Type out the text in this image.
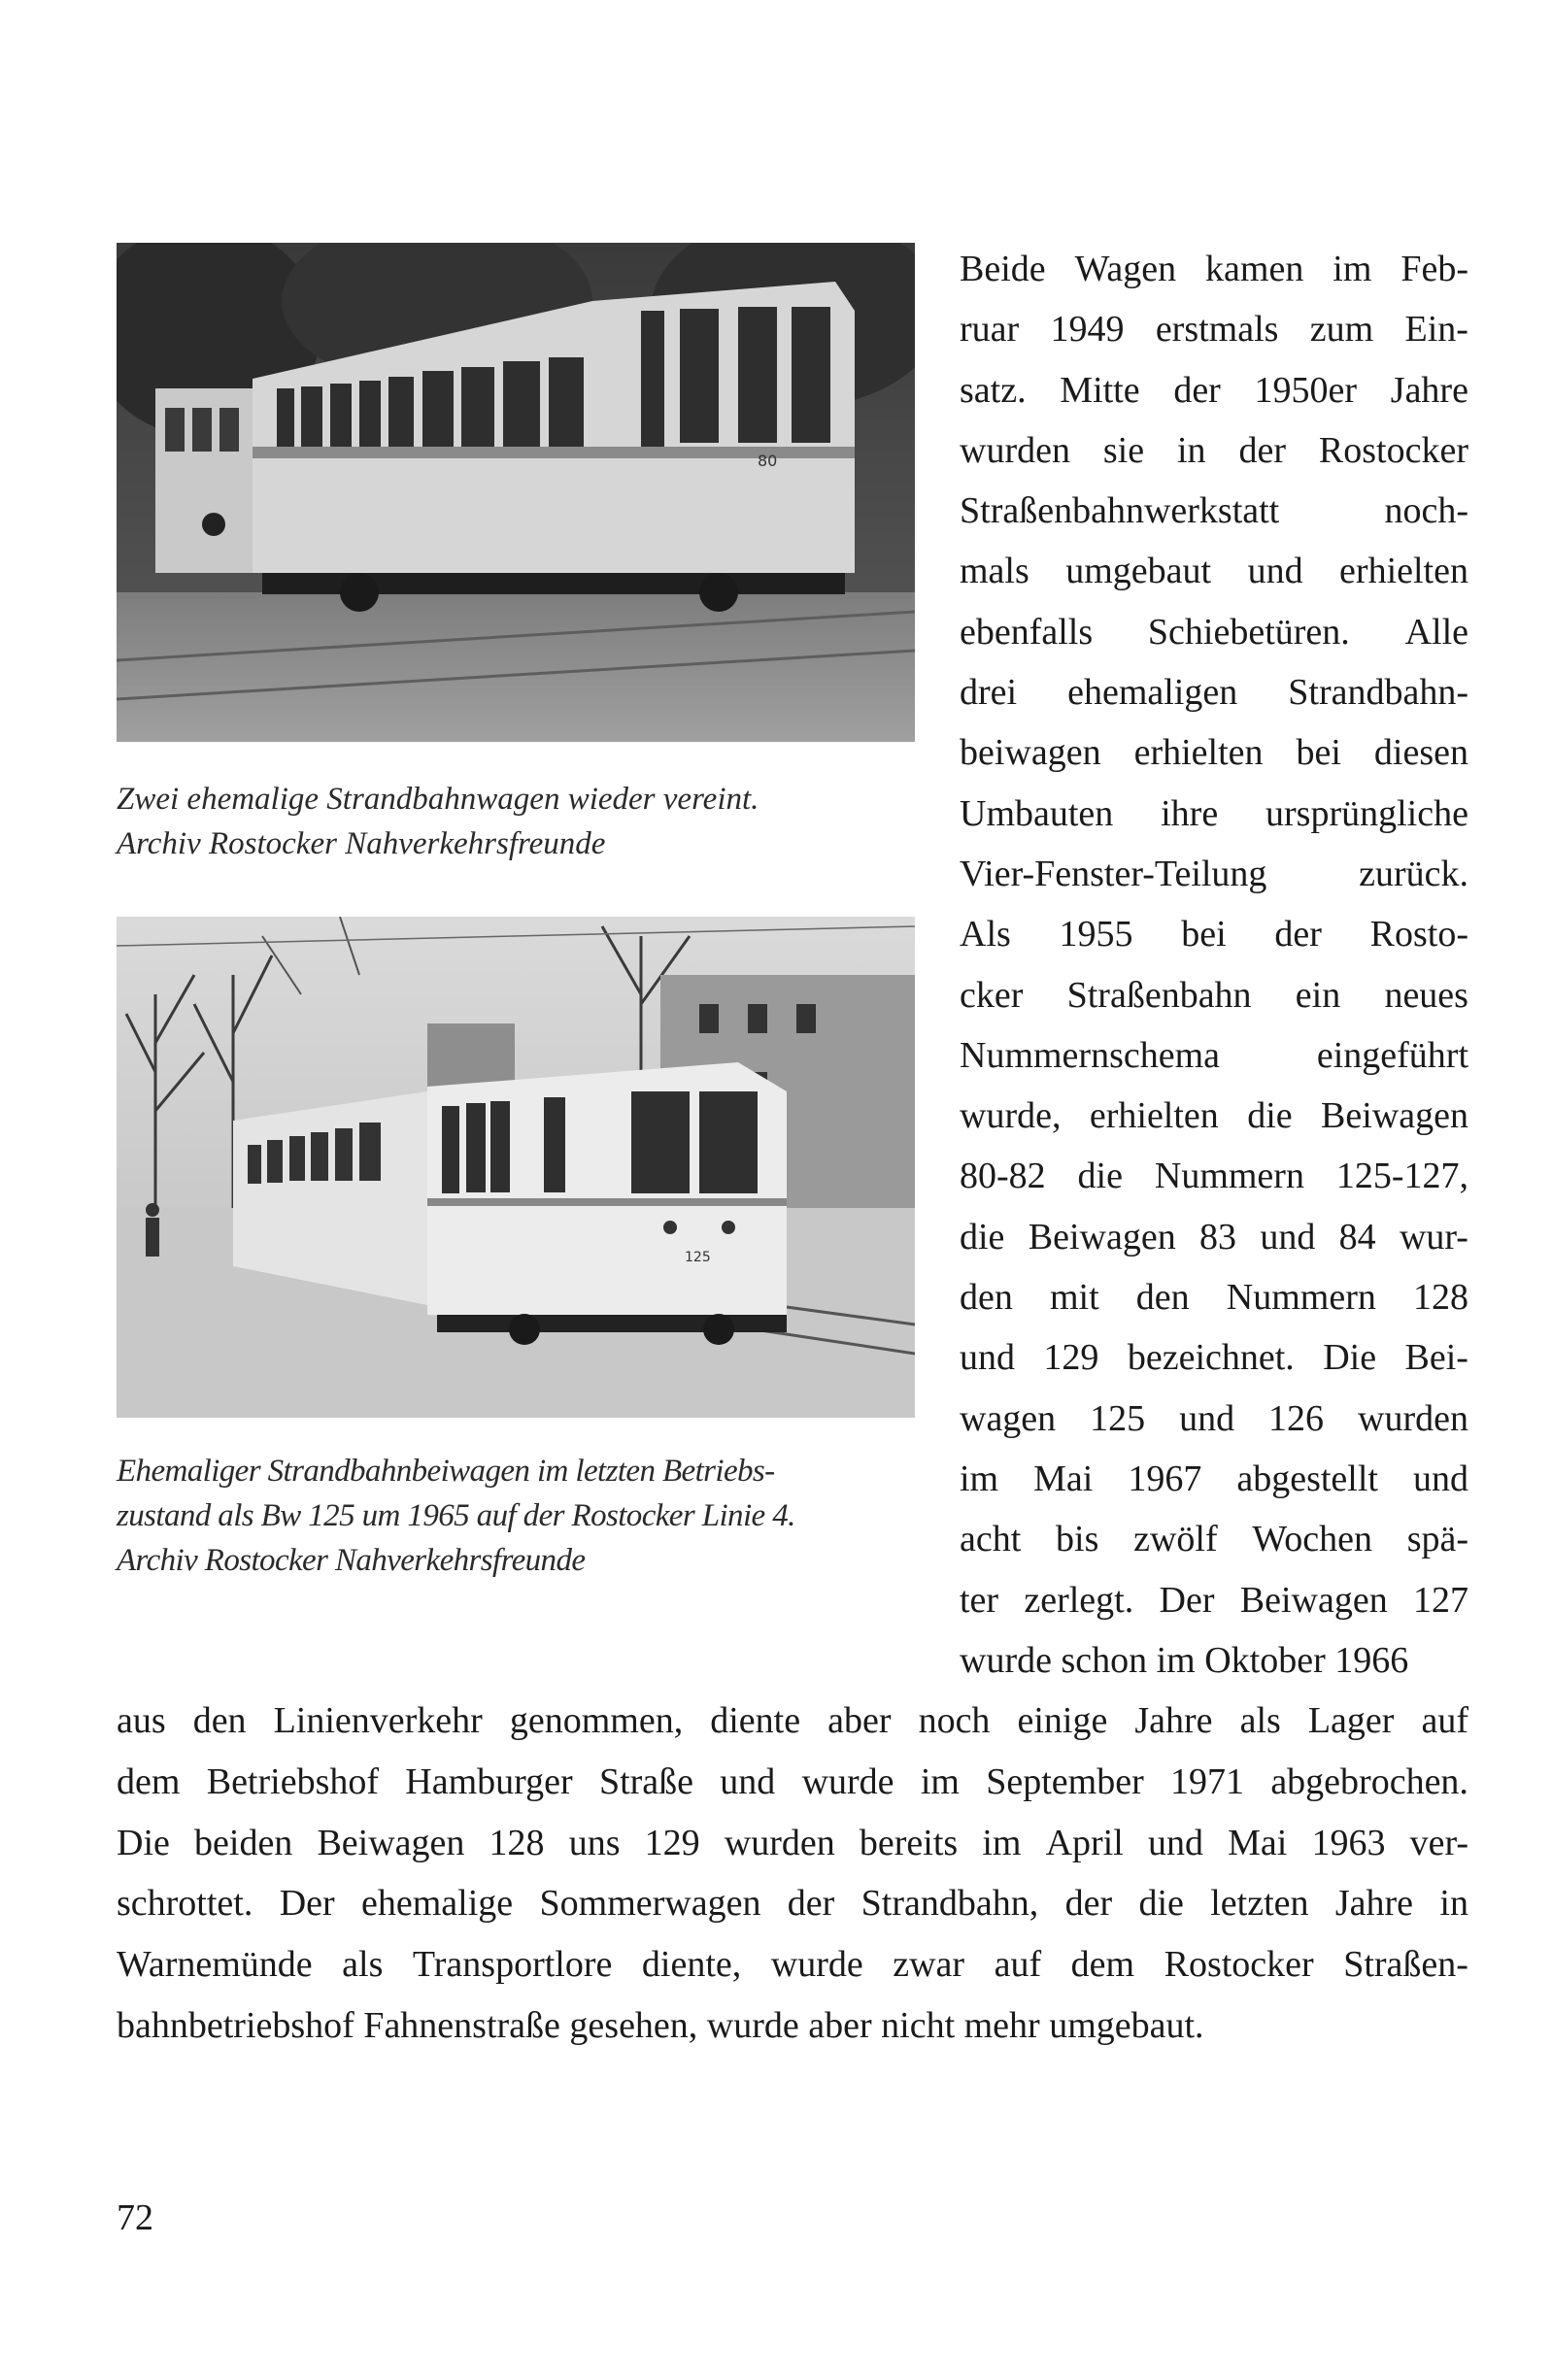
80
Zwei ehemalige Strandbahnwagen wieder vereint.
Archiv Rostocker Nahverkehrsfreunde
125
Ehemaliger Strandbahnbeiwagen im letzten Betriebs-
zustand als Bw 125 um 1965 auf der Rostocker Linie 4.
Archiv Rostocker Nahverkehrsfreunde
Beide Wagen kamen im Feb-
ruar 1949 erstmals zum Ein-
satz. Mitte der 1950er Jahre
wurden sie in der Rostocker
Straßenbahnwerkstatt	noch-
mals umgebaut und erhielten
ebenfalls Schiebetüren. Alle
drei ehemaligen Strandbahn-
beiwagen erhielten bei diesen
Umbauten ihre ursprüngliche
Vier-Fenster-Teilung zurück.
Als 1955 bei der Rosto-
cker Straßenbahn ein neues
Nummernschema	eingeführt
wurde, erhielten die Beiwagen
80-82 die Nummern 125-127,
die Beiwagen 83 und 84 wur-
den mit den Nummern 128
und 129 bezeichnet. Die Bei-
wagen 125 und 126 wurden
im Mai 1967 abgestellt und
acht bis zwölf Wochen spä-
ter zerlegt. Der Beiwagen 127
wurde schon im Oktober 1966
aus den Linienverkehr genommen, diente aber noch einige Jahre als Lager auf
dem Betriebshof Hamburger Straße und wurde im September 1971 abgebrochen.
Die beiden Beiwagen 128 uns 129 wurden bereits im April und Mai 1963 ver-
schrottet. Der ehemalige Sommerwagen der Strandbahn, der die letzten Jahre in
Warnemünde als Transportlore diente, wurde zwar auf dem Rostocker Straßen-
bahnbetriebshof Fahnenstraße gesehen, wurde aber nicht mehr umgebaut.
72
